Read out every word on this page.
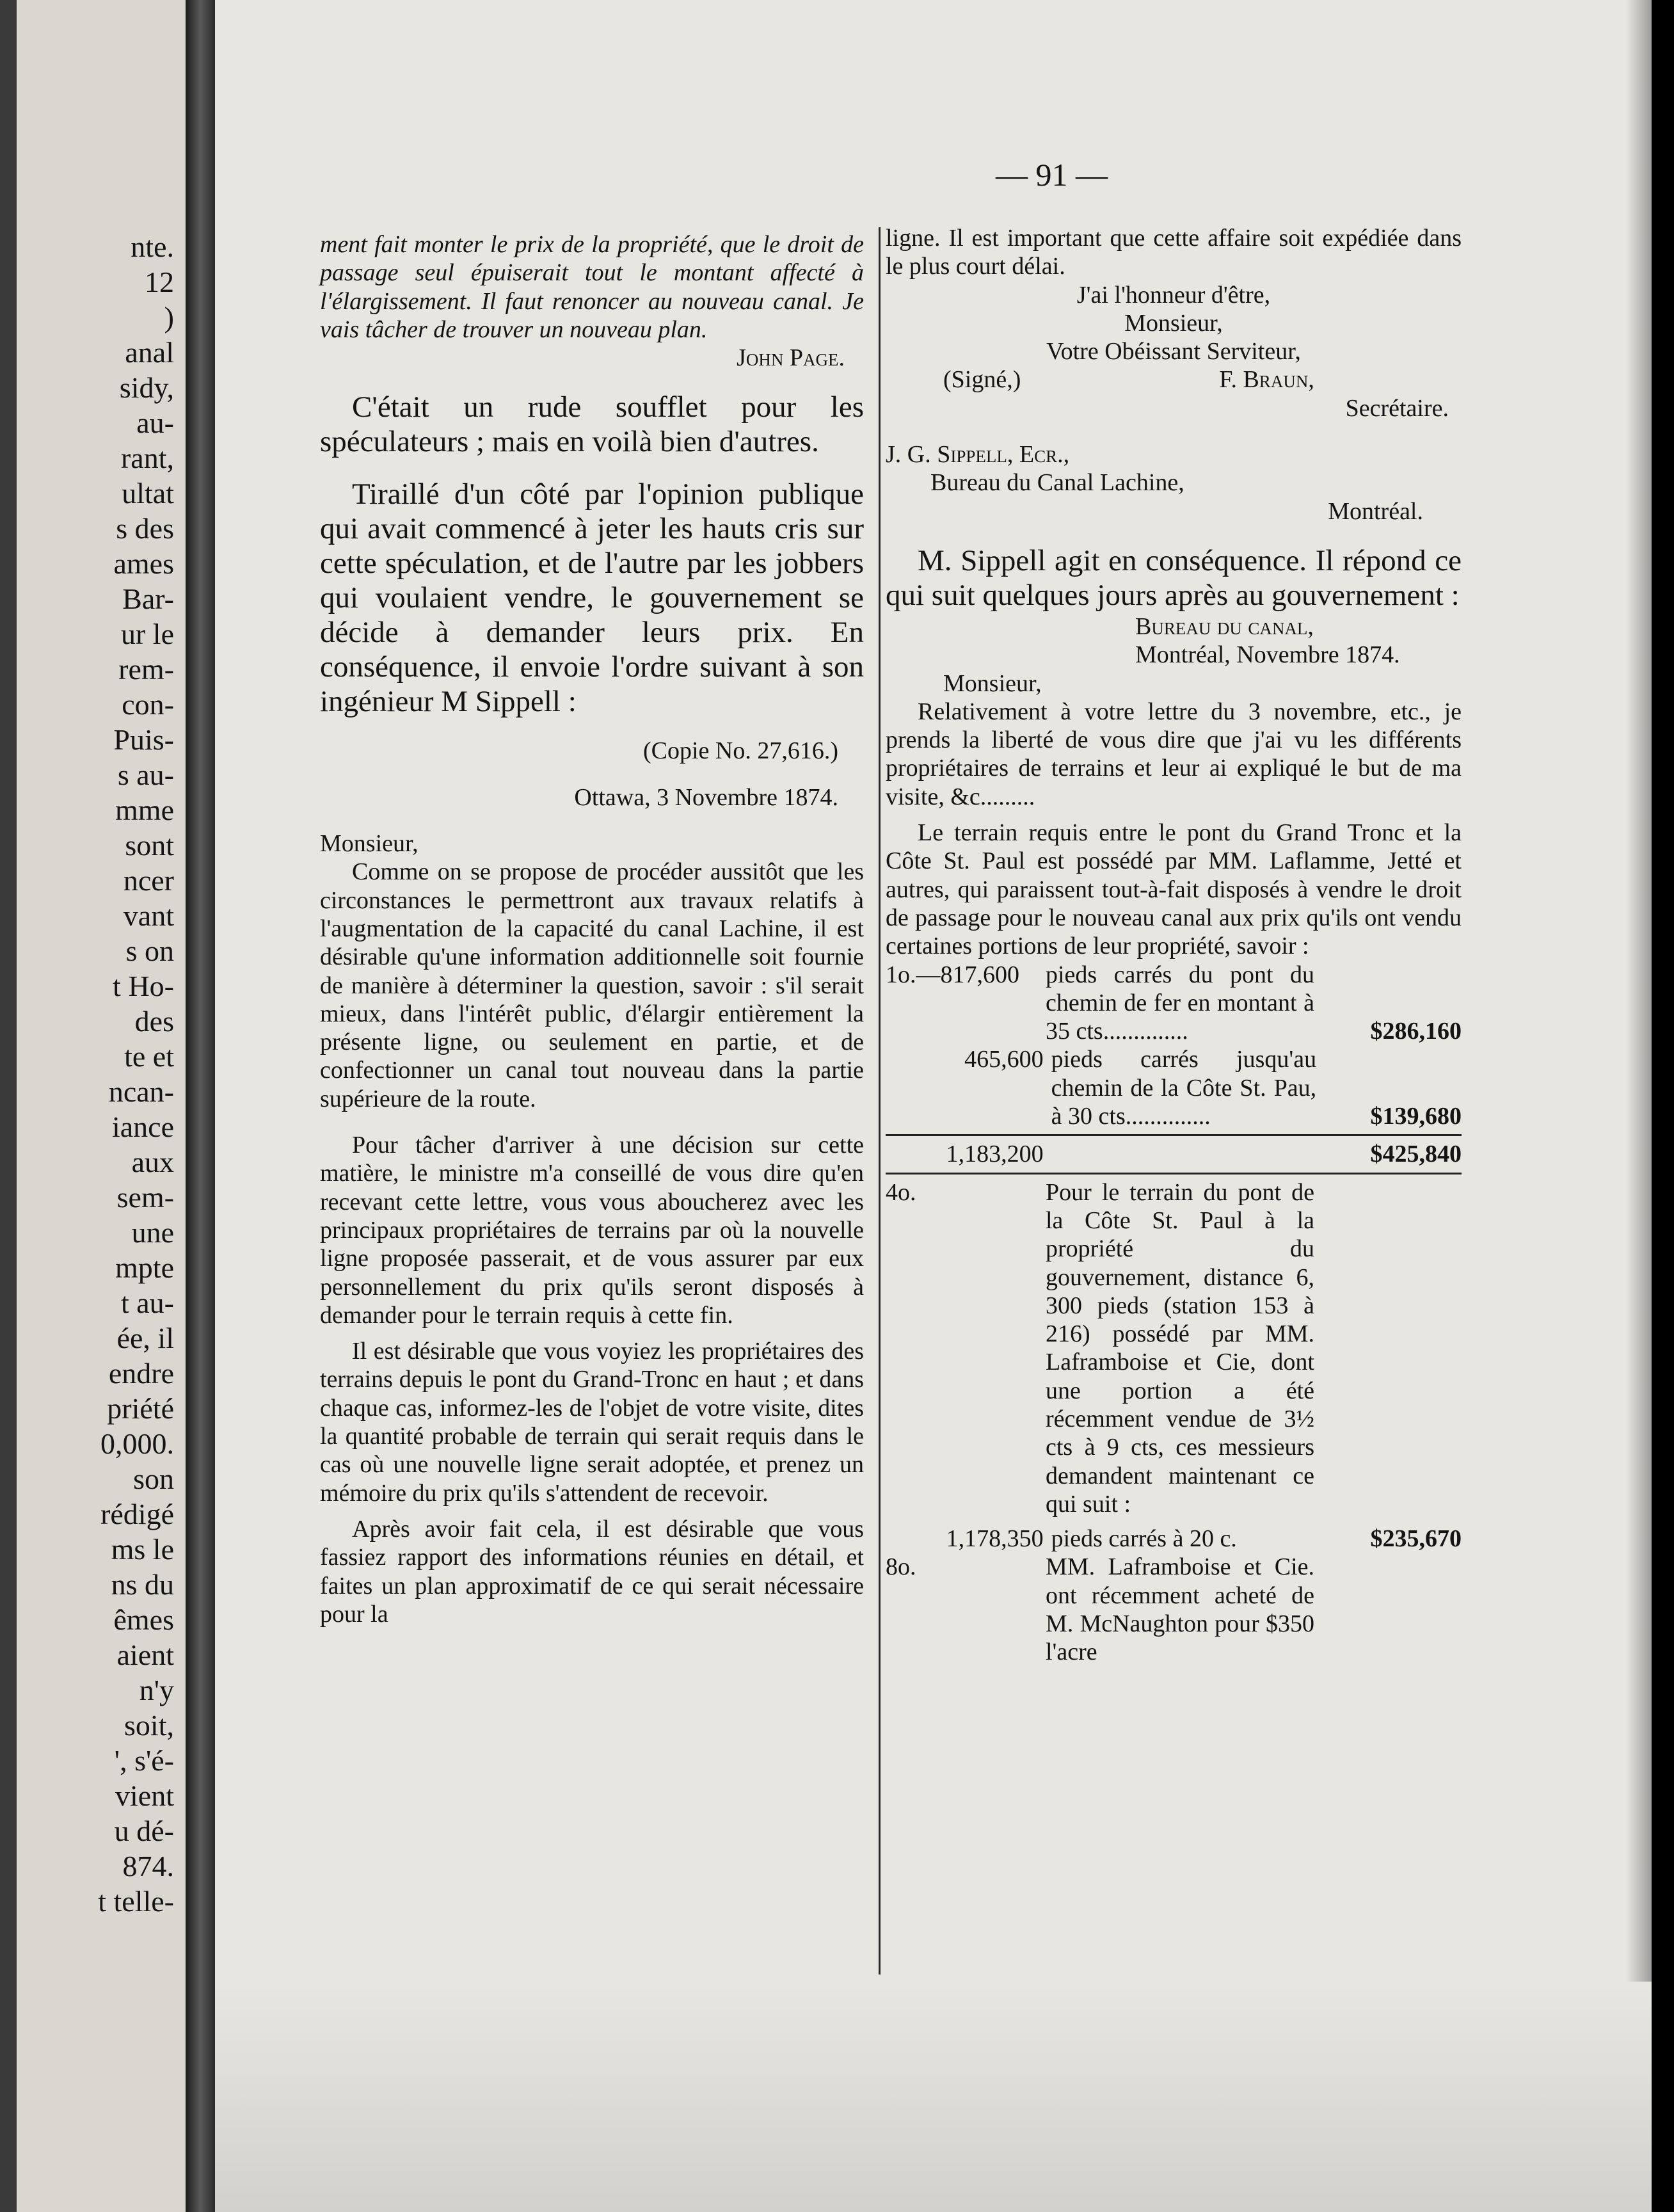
nte.
12
)
anal
sidy,
au-
rant,
ultat
s des
ames
Bar-
ur le
rem-
con-
Puis-
s au-
mme
sont
ncer
vant
s on
t Ho-
des
te et
ncan-
iance
aux
sem-
une
mpte
t au-
ée, il
endre
priété
0,000.
son
rédigé
ms le
ns du
êmes
aient
n'y
soit,
', s'é-
vient
u dé-
874.
t telle-
— 91 —

ment fait monter le prix de la propriété, que le droit de passage seul épuiserait tout le montant affecté à l'élargissement. Il faut renoncer au nouveau canal. Je vais tâcher de trouver un nouveau plan.

John Page.

C'était un rude soufflet pour les spéculateurs ; mais en voilà bien d'autres.

Tiraillé d'un côté par l'opinion publique qui avait commencé à jeter les hauts cris sur cette spéculation, et de l'autre par les jobbers qui voulaient vendre, le gouvernement se décide à demander leurs prix. En conséquence, il envoie l'ordre suivant à son ingénieur M Sippell :

(Copie No. 27,616.)

Ottawa, 3 Novembre 1874.

Monsieur,

Comme on se propose de procéder aussitôt que les circonstances le permettront aux travaux relatifs à l'augmentation de la capacité du canal Lachine, il est désirable qu'une information additionnelle soit fournie de manière à déterminer la question, savoir : s'il serait mieux, dans l'intérêt public, d'élargir entièrement la présente ligne, ou seulement en partie, et de confectionner un canal tout nouveau dans la partie supérieure de la route.

Pour tâcher d'arriver à une décision sur cette matière, le ministre m'a conseillé de vous dire qu'en recevant cette lettre, vous vous aboucherez avec les principaux propriétaires de terrains par où la nouvelle ligne proposée passerait, et de vous assurer par eux personnellement du prix qu'ils seront disposés à demander pour le terrain requis à cette fin.

Il est désirable que vous voyiez les propriétaires des terrains depuis le pont du Grand-Tronc en haut ; et dans chaque cas, informez-les de l'objet de votre visite, dites la quantité probable de terrain qui serait requis dans le cas où une nouvelle ligne serait adoptée, et prenez un mémoire du prix qu'ils s'attendent de recevoir.

Après avoir fait cela, il est désirable que vous fassiez rapport des informations réunies en détail, et faites un plan approximatif de ce qui serait nécessaire pour la

ligne. Il est important que cette affaire soit expédiée dans le plus court délai.

J'ai l'honneur d'être,

Monsieur,

Votre Obéissant Serviteur,

(Signé,)	F. Braun,

Secrétaire.

J. G. Sippell, Ecr.,

Bureau du Canal Lachine,

Montréal.

M. Sippell agit en conséquence. Il répond ce qui suit quelques jours après au gouvernement :

Bureau du canal,

Montréal, Novembre 1874.

Monsieur,

Relativement à votre lettre du 3 novembre, etc., je prends la liberté de vous dire que j'ai vu les différents propriétaires de terrains et leur ai expliqué le but de ma visite, &c.........

Le terrain requis entre le pont du Grand Tronc et la Côte St. Paul est possédé par MM. Laflamme, Jetté et autres, qui paraissent tout-à-fait disposés à vendre le droit de passage pour le nouveau canal aux prix qu'ils ont vendu certaines portions de leur propriété, savoir :

1o.—817,600	pieds carrés du pont du chemin de fer en montant à 35 cts..............	$286,160
465,600 pieds carrés jusqu'au chemin de la Côte St. Pau, à 30 cts..............	$139,680
1,183,200	$425,840
4o.	Pour le terrain du pont de la Côte St. Paul à la propriété du gouvernement, distance 6, 300 pieds (station 153 à 216) possédé par MM. Laframboise et Cie, dont une portion a été récemment vendue de 3½ cts à 9 cts, ces messieurs demandent maintenant ce qui suit :
1,178,350 pieds carrés à 20 c.	$235,670
8o.	MM. Laframboise et Cie. ont récemment acheté de M. McNaughton pour $350 l'acre
